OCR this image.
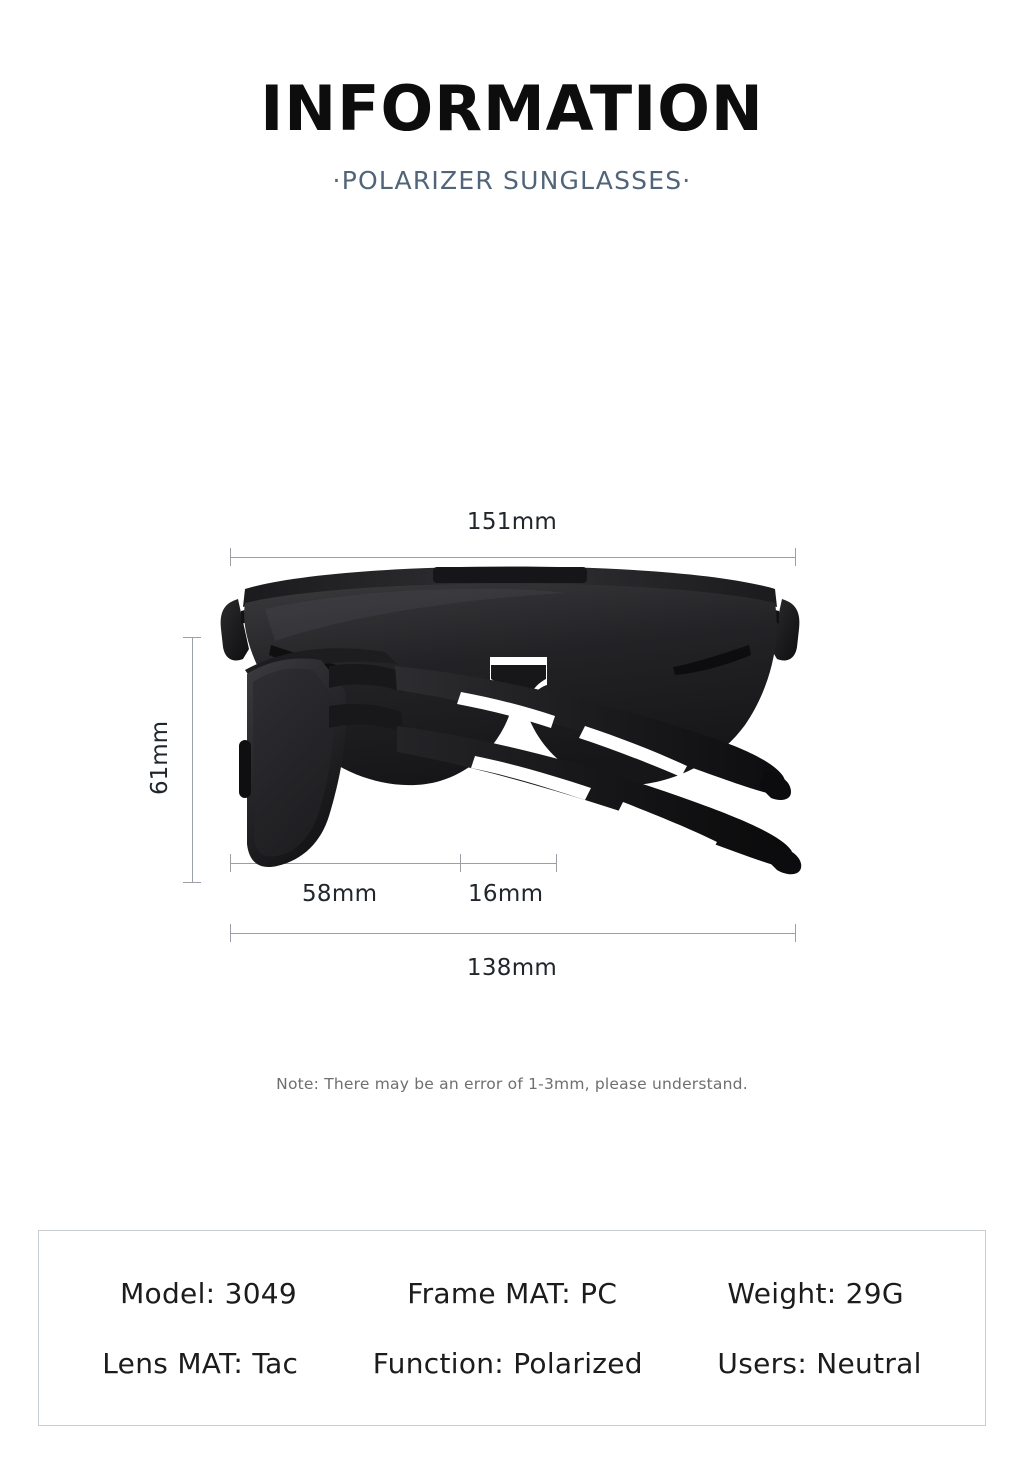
INFORMATION
·POLARIZER SUNGLASSES·
151mm
58mm	16mm
61mm
138mm
Note: There may be an error of 1-3mm, please understand.
Model: 3049	Frame MAT: PC	Weight: 29G
Lens MAT: Tac	Function: Polarized	Users: Neutral
